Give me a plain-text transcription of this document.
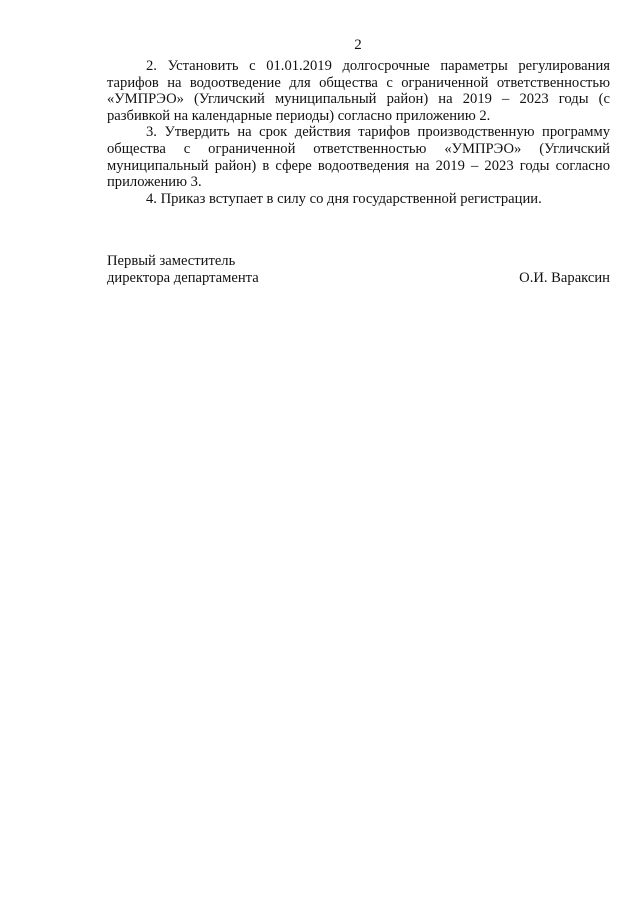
2

2. Установить с 01.01.2019 долгосрочные параметры регулирования тарифов на водоотведение для общества с ограниченной ответственностью «УМПРЭО» (Угличский муниципальный район) на 2019 – 2023 годы (с разбивкой на календарные периоды) согласно приложению 2.

3. Утвердить на срок действия тарифов производственную программу общества с ограниченной ответственностью «УМПРЭО» (Угличский муниципальный район) в сфере водоотведения на 2019 – 2023 годы согласно приложению 3.

4. Приказ вступает в силу со дня государственной регистрации.

Первый заместитель
директора департамента	О.И. Вараксин
